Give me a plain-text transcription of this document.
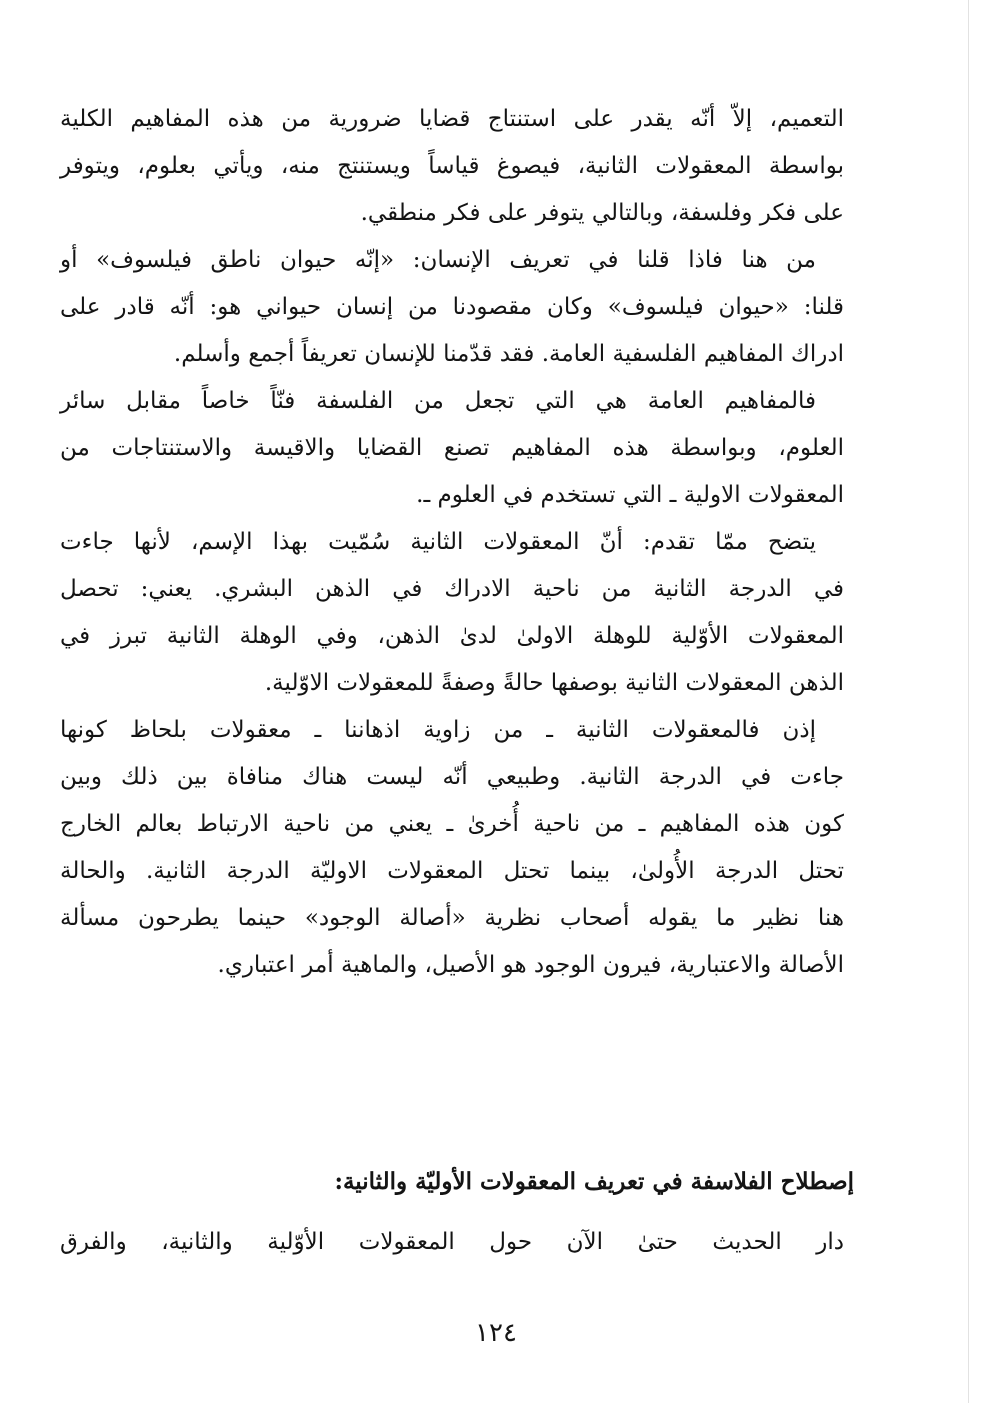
التعميم، إلاّ أنّه يقدر على استنتاج قضايا ضرورية من هذه المفاهيم الكلية
بواسطة المعقولات الثانية، فيصوغ قياساً ويستنتج منه، ويأتي بعلوم، ويتوفر
على فكر وفلسفة، وبالتالي يتوفر على فكر منطقي.
من هنا فاذا قلنا في تعريف الإنسان: «إنّه حيوان ناطق فيلسوف» أو
قلنا: «حيوان فيلسوف» وكان مقصودنا من إنسان حيواني هو: أنّه قادر على
ادراك المفاهيم الفلسفية العامة. فقد قدّمنا للإنسان تعريفاً أجمع وأسلم.
فالمفاهيم العامة هي التي تجعل من الفلسفة فنّاً خاصاً مقابل سائر
العلوم، وبواسطة هذه المفاهيم تصنع القضايا والاقيسة والاستنتاجات من
المعقولات الاولية ـ التي تستخدم في العلوم ـ.
يتضح ممّا تقدم: أنّ المعقولات الثانية سُمّيت بهذا الإسم، لأنها جاءت
في الدرجة الثانية من ناحية الادراك في الذهن البشري. يعني: تحصل
المعقولات الأوّلية للوهلة الاولىٰ لدىٰ الذهن، وفي الوهلة الثانية تبرز في
الذهن المعقولات الثانية بوصفها حالةً وصفةً للمعقولات الاوّلية.
إذن فالمعقولات الثانية ـ من زاوية اذهاننا ـ معقولات بلحاظ كونها
جاءت في الدرجة الثانية. وطبيعي أنّه ليست هناك منافاة بين ذلك وبين
كون هذه المفاهيم ـ من ناحية أُخرىٰ ـ يعني من ناحية الارتباط بعالم الخارج
تحتل الدرجة الأُولىٰ، بينما تحتل المعقولات الاوليّة الدرجة الثانية. والحالة
هنا نظير ما يقوله أصحاب نظرية «أصالة الوجود» حينما يطرحون مسألة
الأصالة والاعتبارية، فيرون الوجود هو الأصيل، والماهية أمر اعتباري.
إصطلاح الفلاسفة في تعريف المعقولات الأوليّة والثانية:
دار الحديث حتىٰ الآن حول المعقولات الأوّلية والثانية، والفرق
١٢٤
